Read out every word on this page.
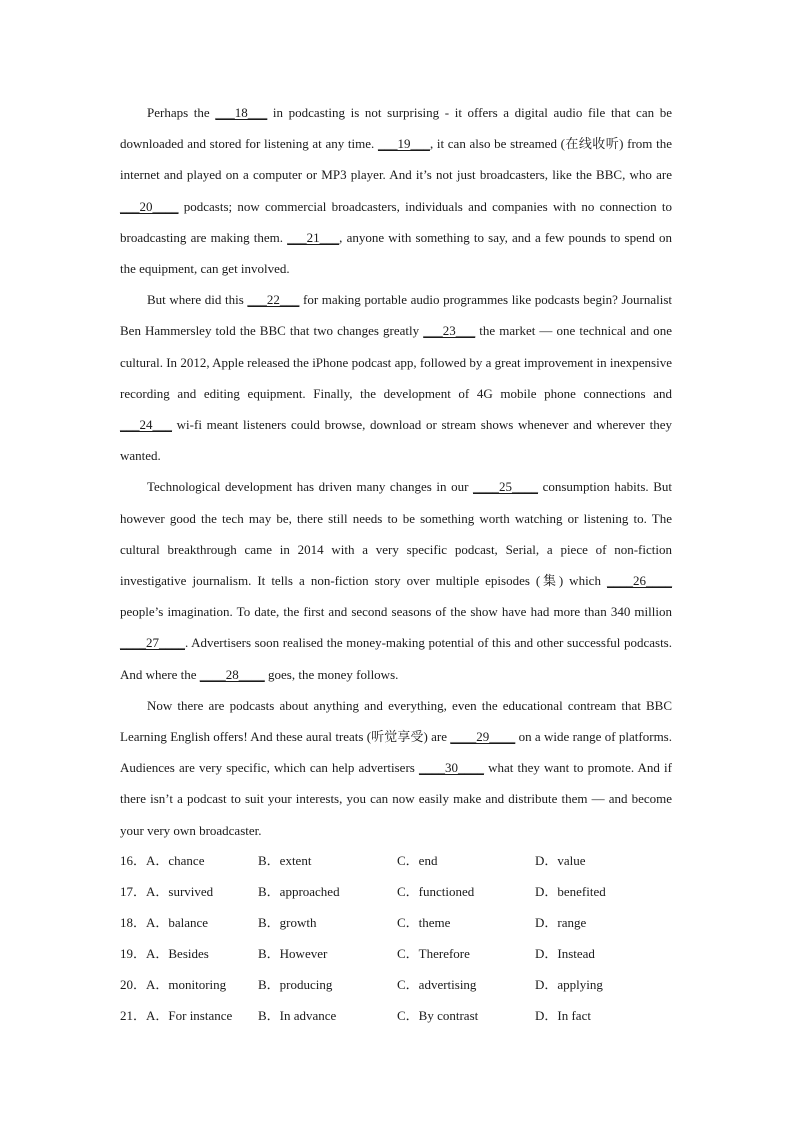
Perhaps the ___18___ in podcasting is not surprising - it offers a digital audio file that can be downloaded and stored for listening at any time. ___19___, it can also be streamed (在线收听) from the internet and played on a computer or MP3 player. And it’s not just broadcasters, like the BBC, who are ___20____ podcasts; now commercial broadcasters, individuals and companies with no connection to broadcasting are making them. ___21___, anyone with something to say, and a few pounds to spend on the equipment, can get involved.

But where did this ___22___ for making portable audio programmes like podcasts begin? Journalist Ben Hammersley told the BBC that two changes greatly ___23___ the market — one technical and one cultural. In 2012, Apple released the iPhone podcast app, followed by a great improvement in inexpensive recording and editing equipment. Finally, the development of 4G mobile phone connections and ___24___ wi-fi meant listeners could browse, download or stream shows whenever and wherever they wanted.

Technological development has driven many changes in our ____25____ consumption habits. But however good the tech may be, there still needs to be something worth watching or listening to. The cultural breakthrough came in 2014 with a very specific podcast, Serial, a piece of non-fiction investigative journalism. It tells a non-fiction story over multiple episodes (集) which ____26____ people’s imagination. To date, the first and second seasons of the show have had more than 340 million ____27____. Advertisers soon realised the money-making potential of this and other successful podcasts. And where the ____28____ goes, the money follows.

Now there are podcasts about anything and everything, even the educational contream that BBC Learning English offers! And these aural treats (听觉享受) are ____29____ on a wide range of platforms. Audiences are very specific, which can help advertisers ____30____ what they want to promote. And if there isn’t a podcast to suit your interests, you can now easily make and distribute them — and become your very own broadcaster.

16． A．chance	B．extent	C．end	D．value
17． A．survived	B．approached	C．functioned	D．benefited
18． A．balance	B．growth	C．theme	D．range
19． A．Besides	B．However	C．Therefore	D．Instead
20． A．monitoring B．producing	C．advertising	D．applying
21． A．For instance B．In advance	C．By contrast	D．In fact
